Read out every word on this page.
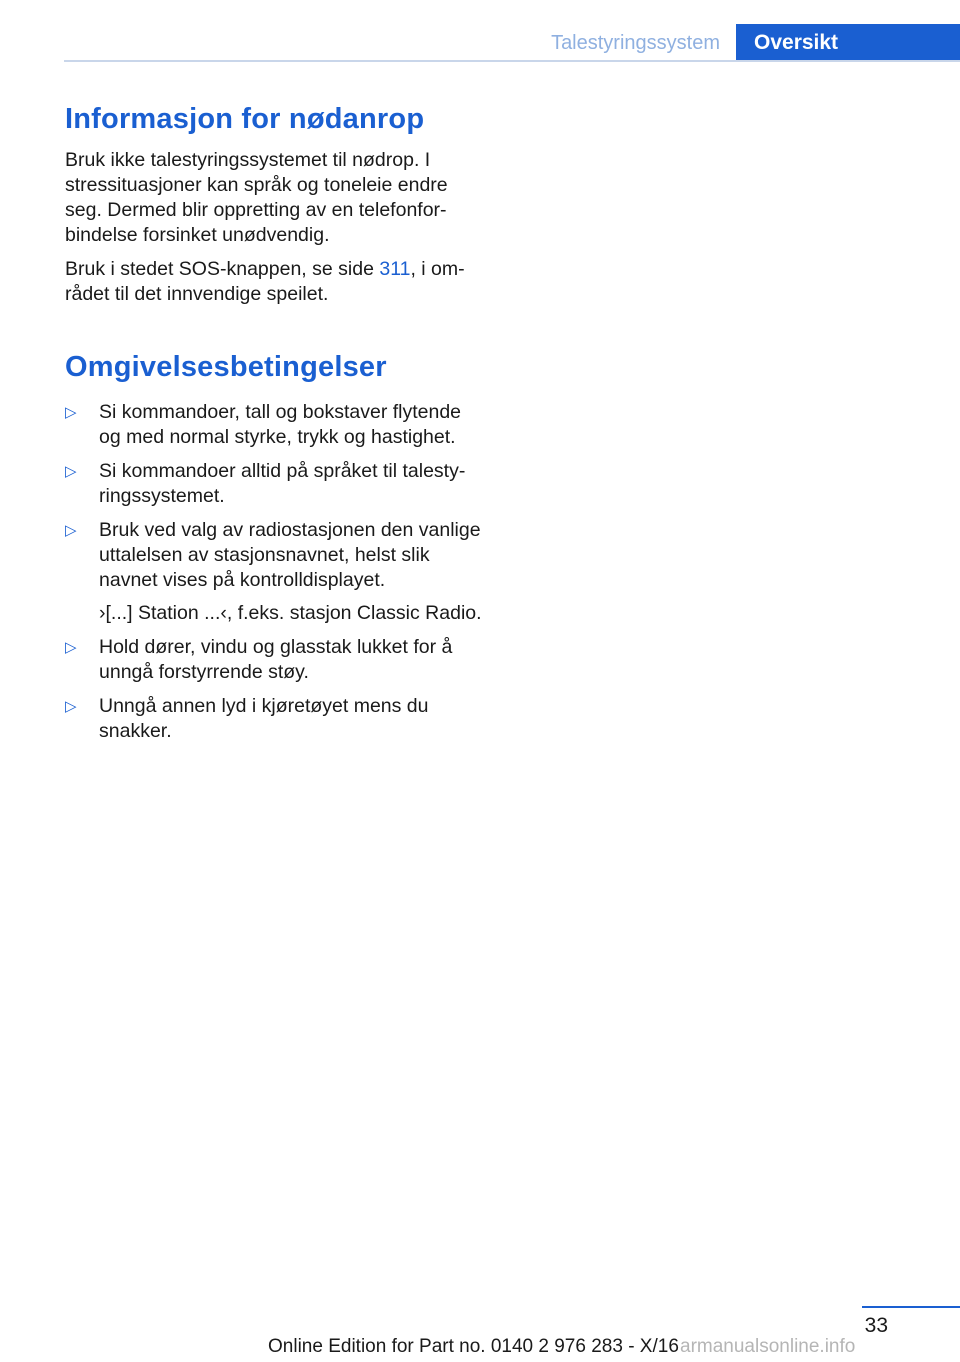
Talestyringssystem	Oversikt
Informasjon for nødanrop

Bruk ikke talestyringssystemet til nødrop. I stressituasjoner kan språk og toneleie endre seg. Dermed blir oppretting av en telefonforbindelse forsinket unødvendig.

Bruk i stedet SOS-knappen, se side 311, i området til det innvendige speilet.

Omgivelsesbetingelser
▷ Si kommandoer, tall og bokstaver flytende og med normal styrke, trykk og hastighet.
▷ Si kommandoer alltid på språket til talestyringssystemet.
▷ Bruk ved valg av radiostasjonen den vanlige uttalelsen av stasjonsnavnet, helst slik navnet vises på kontrolldisplayet.
›[...] Station ...‹, f.eks. stasjon Classic Radio.
▷ Hold dører, vindu og glasstak lukket for å unngå forstyrrende støy.
▷ Unngå annen lyd i kjøretøyet mens du snakker.
33
Online Edition for Part no. 0140 2 976 283 - X/16 armanualsonline.info
